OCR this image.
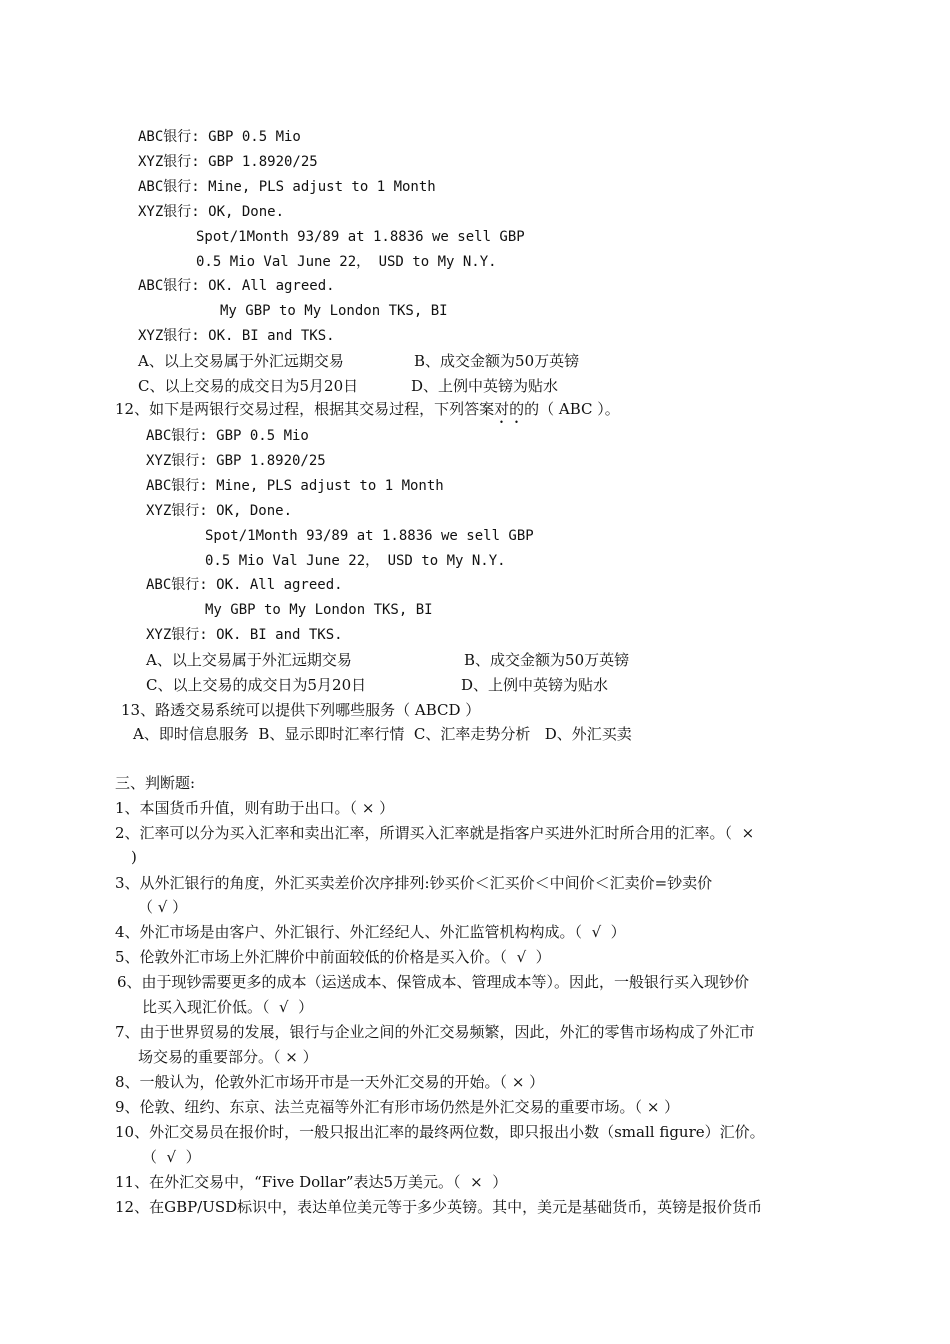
ABC银行: GBP 0.5 Mio
XYZ银行: GBP 1.8920/25
ABC银行: Mine, PLS adjust to 1 Month
XYZ银行: OK, Done.
Spot/1Month 93/89 at 1.8836 we sell GBP
0.5 Mio Val June 22， USD to My N.Y.
ABC银行: OK. All agreed.
My GBP to My London TKS, BI
XYZ银行: OK. BI and TKS.
A、以上交易属于外汇远期交易	B、成交金额为50万英镑
C、以上交易的成交日为5月20日	D、上例中英镑为贴水
12、如下是两银行交易过程，根据其交易过程，下列答案对的的（ ABC ）。
ABC银行: GBP 0.5 Mio
XYZ银行: GBP 1.8920/25
ABC银行: Mine, PLS adjust to 1 Month
XYZ银行: OK, Done.
Spot/1Month 93/89 at 1.8836 we sell GBP
0.5 Mio Val June 22， USD to My N.Y.
ABC银行: OK. All agreed.
My GBP to My London TKS, BI
XYZ银行: OK. BI and TKS.
A、以上交易属于外汇远期交易	B、成交金额为50万英镑
C、以上交易的成交日为5月20日	D、上例中英镑为贴水
13、路透交易系统可以提供下列哪些服务（ ABCD ）
A、即时信息服务  B、显示即时汇率行情  C、汇率走势分析   D、外汇买卖
三、判断题:
1、本国货币升值，则有助于出口。（ × ）
2、汇率可以分为买入汇率和卖出汇率，所谓买入汇率就是指客户买进外汇时所合用的汇率。（  ×
)
3、从外汇银行的角度，外汇买卖差价次序排列:钞买价＜汇买价＜中间价＜汇卖价=钞卖价
（ √ ）
4、外汇市场是由客户、外汇银行、外汇经纪人、外汇监管机构构成。（  √  ）
5、伦敦外汇市场上外汇牌价中前面较低的价格是买入价。（  √  ）
6、由于现钞需要更多的成本（运送成本、保管成本、管理成本等）。因此，一般银行买入现钞价
比买入现汇价低。（  √  ）
7、由于世界贸易的发展，银行与企业之间的外汇交易频繁，因此，外汇的零售市场构成了外汇市
场交易的重要部分。（ × ）
8、一般认为，伦敦外汇市场开市是一天外汇交易的开始。（ × ）
9、伦敦、纽约、东京、法兰克福等外汇有形市场仍然是外汇交易的重要市场。（ × ）
10、外汇交易员在报价时，一般只报出汇率的最终两位数，即只报出小数（small figure）汇价。
（  √  ）
11、在外汇交易中，“Five Dollar”表达5万美元。（  ×  ）
12、在GBP/USD标识中，表达单位美元等于多少英镑。其中，美元是基础货币，英镑是报价货币
